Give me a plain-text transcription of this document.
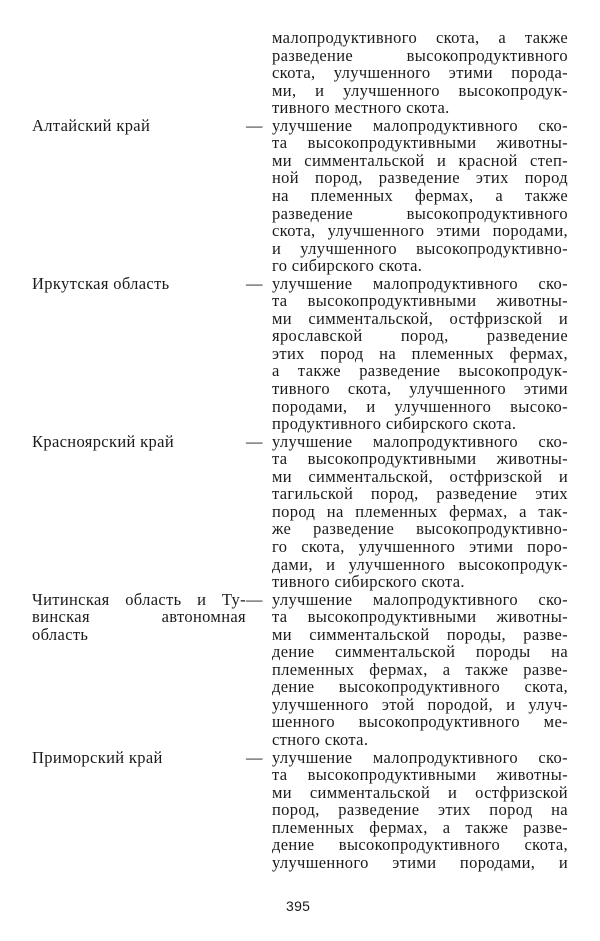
395
малопродуктивного скота, а также
разведение высокопродуктивного
скота, улучшенного этими порода-
ми, и улучшенного высокопродук-
тивного местного скота.
Алтайский край	— улучшение малопродуктивного ско-
та высокопродуктивными животны-
ми симментальской и красной степ-
ной пород, разведение этих пород
на племенных фермах, а также
разведение высокопродуктивного
скота, улучшенного этими породами,
и улучшенного высокопродуктивно-
го сибирского скота.
Иркутская область	— улучшение малопродуктивного ско-
та высокопродуктивными животны-
ми симментальской, остфризской и
ярославской пород, разведение
этих пород на племенных фермах,
а также разведение высокопродук-
тивного скота, улучшенного этими
породами, и улучшенного высоко-
продуктивного сибирского скота.
Красноярский край	— улучшение малопродуктивного ско-
та высокопродуктивными животны-
ми симментальской, остфризской и
тагильской пород, разведение этих
пород на племенных фермах, а так-
же разведение высокопродуктивно-
го скота, улучшенного этими поро-
дами, и улучшенного высокопродук-
тивного сибирского скота.
Читинская область и Ту-
винская автономная
область
— улучшение малопродуктивного ско-
та высокопродуктивными животны-
ми симментальской породы, разве-
дение симментальской породы на
племенных фермах, а также разве-
дение высокопродуктивного скота,
улучшенного этой породой, и улуч-
шенного высокопродуктивного ме-
стного скота.
Приморский край	— улучшение малопродуктивного ско-
та высокопродуктивными животны-
ми симментальской и остфризской
пород, разведение этих пород на
племенных фермах, а также разве-
дение высокопродуктивного скота,
улучшенного этими породами, и
